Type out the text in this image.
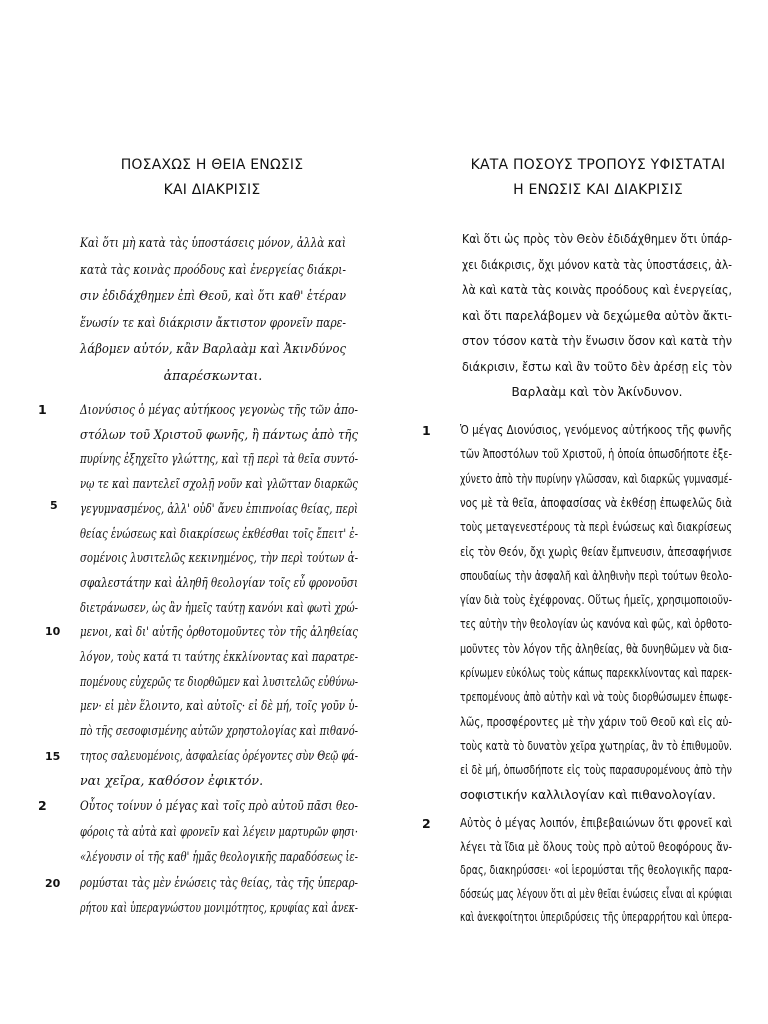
ΠΟΣΑΧΩΣ Η ΘΕΙΑ ΕΝΩΣΙΣ
ΚΑΙ ΔΙΑΚΡΙΣΙΣ
Καὶ ὅτι μὴ κατὰ τὰς ὑποστάσεις μόνον, ἀλλὰ καὶ
κατὰ τὰς κοινὰς προόδους καὶ ἐνεργείας διάκρι-
σιν ἐδιδάχθημεν ἐπὶ Θεοῦ, καὶ ὅτι καθ' ἑτέραν
ἕνωσίν τε καὶ διάκρισιν ἄκτιστον φρονεῖν παρε-
λάβομεν αὐτόν, κἂν Βαρλαὰμ καὶ Ἀκινδύνος
ἀπαρέσκωνται.
1	Διονύσιος ὁ μέγας αὐτήκοος γεγονὼς τῆς τῶν ἀπο-
στόλων τοῦ Χριστοῦ φωνῆς, ἢ πάντως ἀπὸ τῆς
πυρίνης ἐξηχεῖτο γλώττης, καὶ τῇ περὶ τὰ θεῖα συντό-
νῳ τε καὶ παντελεῖ σχολῇ νοῦν καὶ γλῶτταν διαρκῶς
γεγυμνασμένος, ἀλλ' οὐδ' ἄνευ ἐπιπνοίας θείας, περὶ
θείας ἑνώσεως καὶ διακρίσεως ἐκθέσθαι τοῖς ἔπειτ' ἐ-
σομένοις λυσιτελῶς κεκινημένος, τὴν περὶ τούτων ἀ-
σφαλεστάτην καὶ ἀληθῆ θεολογίαν τοῖς εὖ φρονοῦσι
διετράνωσεν, ὡς ἂν ἡμεῖς ταύτῃ κανόνι καὶ φωτὶ χρώ-
μενοι, καὶ δι' αὐτῆς ὀρθοτομοῦντες τὸν τῆς ἀληθείας
λόγον, τοὺς κατά τι ταύτης ἐκκλίνοντας καὶ παρατρε-
πομένους εὐχερῶς τε διορθῶμεν καὶ λυσιτελῶς εὐθύνω-
μεν· εἰ μὲν ἕλοιντο, καὶ αὐτοῖς· εἰ δὲ μή, τοῖς γοῦν ὑ-
πὸ τῆς σεσοφισμένης αὐτῶν χρηστολογίας καὶ πιθανό-
τητος σαλευομένοις, ἀσφαλείας ὀρέγοντες σὺν Θεῷ φά-
ναι χεῖρα, καθόσον ἐφικτόν.
2	Οὗτος τοίνυν ὁ μέγας καὶ τοῖς πρὸ αὐτοῦ πᾶσι θεο-
φόροις τὰ αὐτὰ καὶ φρονεῖν καὶ λέγειν μαρτυρῶν φησι·
«λέγουσιν οἱ τῆς καθ' ἡμᾶς θεολογικῆς παραδόσεως ἱε-
ρομύσται τὰς μὲν ἑνώσεις τὰς θείας, τὰς τῆς ὑπεραρ-
ρήτου καὶ ὑπεραγνώστου μονιμότητος, κρυφίας καὶ ἀνεκ-
5
10
15
20
ΚΑΤΑ ΠΟΣΟΥΣ ΤΡΟΠΟΥΣ ΥΦΙΣΤΑΤΑΙ
Η ΕΝΩΣΙΣ ΚΑΙ ΔΙΑΚΡΙΣΙΣ
Καὶ ὅτι ὡς πρὸς τὸν Θεὸν ἐδιδάχθημεν ὅτι ὑπάρ-
χει διάκρισις, ὄχι μόνον κατὰ τὰς ὑποστάσεις, ἀλ-
λὰ καὶ κατὰ τὰς κοινὰς προόδους καὶ ἐνεργείας,
καὶ ὅτι παρελάβομεν νὰ δεχώμεθα αὐτὸν ἄκτι-
στον τόσον κατὰ τὴν ἕνωσιν ὅσον καὶ κατὰ τὴν
διάκρισιν, ἔστω καὶ ἂν τοῦτο δὲν ἀρέσῃ εἰς τὸν
Βαρλαὰμ καὶ τὸν Ἀκίνδυνον.
1 Ὁ μέγας Διονύσιος, γενόμενος αὐτήκοος τῆς φωνῆς
τῶν Ἀποστόλων τοῦ Χριστοῦ, ἡ ὁποία ὁπωσδήποτε ἐξε-
χύνετο ἀπὸ τὴν πυρίνην γλῶσσαν, καὶ διαρκῶς γυμνασμέ-
νος μὲ τὰ θεῖα, ἀποφασίσας νὰ ἐκθέσῃ ἐπωφελῶς διὰ
τοὺς μεταγενεστέρους τὰ περὶ ἑνώσεως καὶ διακρίσεως
εἰς τὸν Θεόν, ὄχι χωρὶς θείαν ἔμπνευσιν, ἀπεσαφήνισε
σπουδαίως τὴν ἀσφαλῆ καὶ ἀληθινὴν περὶ τούτων θεολο-
γίαν διὰ τοὺς ἐχέφρονας. Οὕτως ἡμεῖς, χρησιμοποιοῦν-
τες αὐτὴν τὴν θεολογίαν ὡς κανόνα καὶ φῶς, καὶ ὀρθοτο-
μοῦντες τὸν λόγον τῆς ἀληθείας, θὰ δυνηθῶμεν νὰ δια-
κρίνωμεν εὐκόλως τοὺς κάπως παρεκκλίνοντας καὶ παρεκ-
τρεπομένους ἀπὸ αὐτὴν καὶ νὰ τοὺς διορθώσωμεν ἐπωφε-
λῶς, προσφέροντες μὲ τὴν χάριν τοῦ Θεοῦ καὶ εἰς αὐ-
τοὺς κατὰ τὸ δυνατὸν χεῖρα χωτηρίας, ἂν τὸ ἐπιθυμοῦν.
εἰ δὲ μή, ὁπωσδήποτε εἰς τοὺς παρασυρομένους ἀπὸ τὴν
σοφιστικήν καλλιλογίαν καὶ πιθανολογίαν.
2 Αὐτὸς ὁ μέγας λοιπόν, ἐπιβεβαιώνων ὅτι φρονεῖ καὶ
λέγει τὰ ἴδια μὲ ὅλους τοὺς πρὸ αὐτοῦ θεοφόρους ἄν-
δρας, διακηρύσσει· «οἱ ἱερομύσται τῆς θεολογικῆς παρα-
δόσεώς μας λέγουν ὅτι αἱ μὲν θεῖαι ἑνώσεις εἶναι αἱ κρύφιαι
καὶ ἀνεκφοίτητοι ὑπεριδρύσεις τῆς ὑπεραρρήτου καὶ ὑπερα-
